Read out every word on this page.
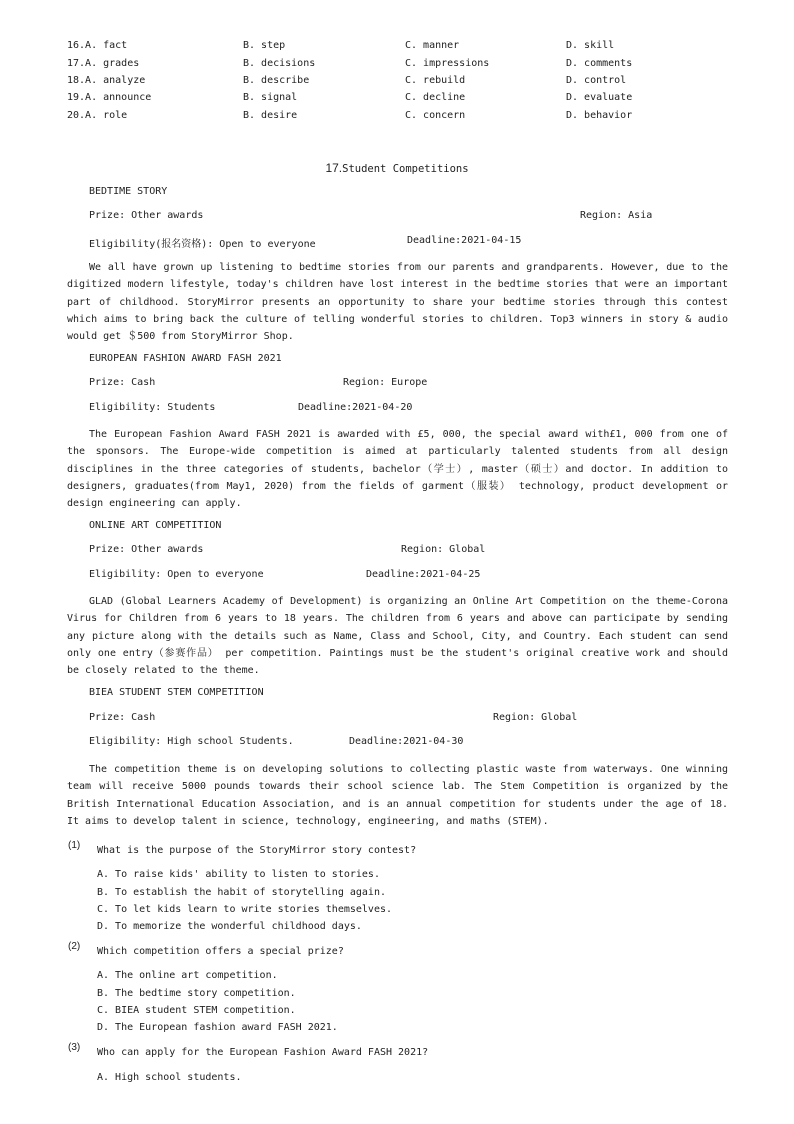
16.A. fact	B. step	C. manner	D. skill
17.A. grades	B. decisions	C. impressions	D. comments
18.A. analyze	B. describe	C. rebuild	D. control
19.A. announce	B. signal	C. decline	D. evaluate
20.A. role	B. desire	C. concern	D. behavior
17.Student Competitions
BEDTIME STORY
Prize: Other awards	Region: Asia
Eligibility(报名资格): Open to everyone	Deadline:2021-04-15

We all have grown up listening to bedtime stories from our parents and grandparents. However, due to the digitized modern lifestyle, today's children have lost interest in the bedtime stories that were an important part of childhood. StoryMirror presents an opportunity to share your bedtime stories through this contest which aims to bring back the culture of telling wonderful stories to children. Top3 winners in story & audio would get ＄500 from StoryMirror Shop.

EUROPEAN FASHION AWARD FASH 2021
Prize: Cash	Region: Europe
Eligibility: Students	Deadline:2021-04-20

The European Fashion Award FASH 2021 is awarded with £5, 000, the special award with£1, 000 from one of the sponsors. The Europe-wide competition is aimed at particularly talented students from all design disciplines in the three categories of students, bachelor（学士）, master（硕士）and doctor. In addition to designers, graduates(from May1, 2020) from the fields of garment（服装） technology, product development or design engineering can apply.

ONLINE ART COMPETITION
Prize: Other awards	Region: Global
Eligibility: Open to everyone	Deadline:2021-04-25

GLAD (Global Learners Academy of Development) is organizing an Online Art Competition on the theme-Corona Virus for Children from 6 years to 18 years. The children from 6 years and above can participate by sending any picture along with the details such as Name, Class and School, City, and Country. Each student can send only one entry（参赛作品） per competition. Paintings must be the student's original creative work and should be closely related to the theme.

BIEA STUDENT STEM COMPETITION
Prize: Cash	Region: Global
Eligibility: High school Students.	Deadline:2021-04-30

The competition theme is on developing solutions to collecting plastic waste from waterways. One winning team will receive 5000 pounds towards their school science lab. The Stem Competition is organized by the British International Education Association, and is an annual competition for students under the age of 18. It aims to develop talent in science, technology, engineering, and maths (STEM).

(1) What is the purpose of the StoryMirror story contest?
A. To raise kids' ability to listen to stories.
B. To establish the habit of storytelling again.
C. To let kids learn to write stories themselves.
D. To memorize the wonderful childhood days.
(2) Which competition offers a special prize?
A. The online art competition.
B. The bedtime story competition.
C. BIEA student STEM competition.
D. The European fashion award FASH 2021.
(3) Who can apply for the European Fashion Award FASH 2021?
A. High school students.
